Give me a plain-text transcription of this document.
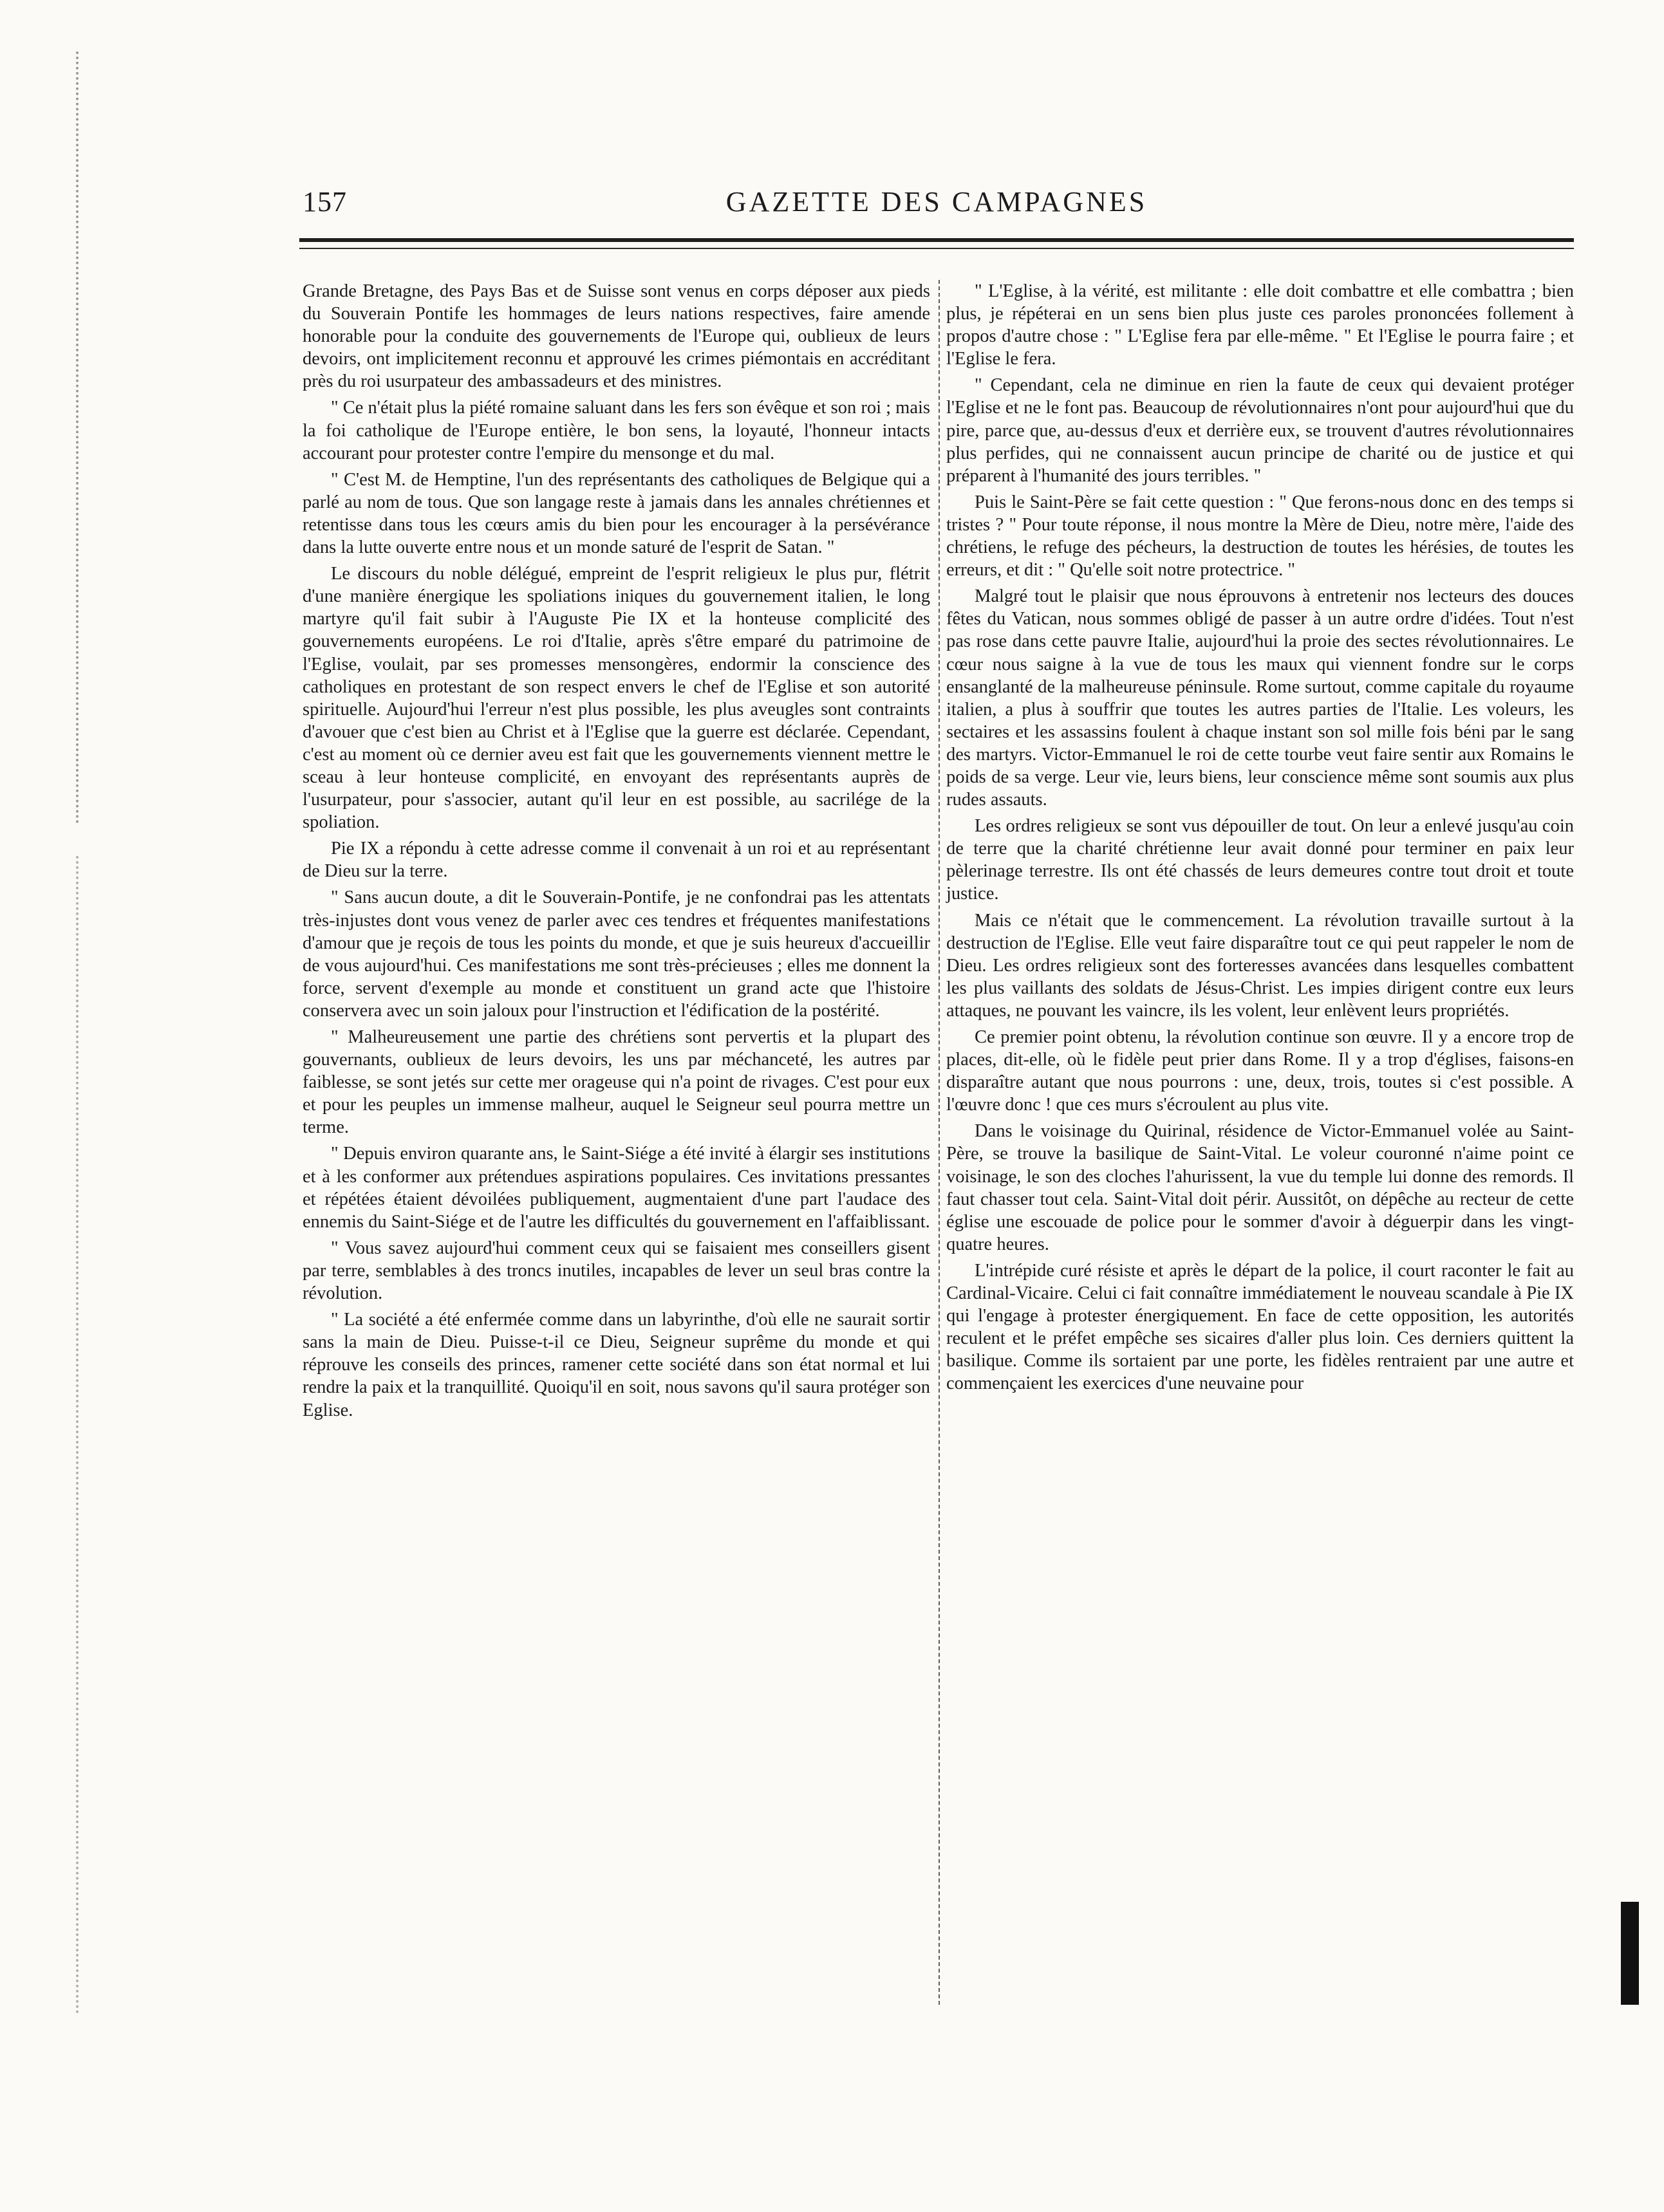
157	GAZETTE DES CAMPAGNES

Grande Bretagne, des Pays Bas et de Suisse sont venus en corps déposer aux pieds du Souverain Pontife les hommages de leurs nations respectives, faire amende honorable pour la conduite des gouvernements de l'Europe qui, oublieux de leurs devoirs, ont implicitement reconnu et approuvé les crimes piémontais en accréditant près du roi usurpateur des ambassadeurs et des ministres.

" Ce n'était plus la piété romaine saluant dans les fers son évêque et son roi ; mais la foi catholique de l'Europe entière, le bon sens, la loyauté, l'honneur intacts accourant pour protester contre l'empire du mensonge et du mal.

" C'est M. de Hemptine, l'un des représentants des catholiques de Belgique qui a parlé au nom de tous. Que son langage reste à jamais dans les annales chrétiennes et retentisse dans tous les cœurs amis du bien pour les encourager à la persévérance dans la lutte ouverte entre nous et un monde saturé de l'esprit de Satan. "

Le discours du noble délégué, empreint de l'esprit religieux le plus pur, flétrit d'une manière énergique les spoliations iniques du gouvernement italien, le long martyre qu'il fait subir à l'Auguste Pie IX et la honteuse complicité des gouvernements européens. Le roi d'Italie, après s'être emparé du patrimoine de l'Eglise, voulait, par ses promesses mensongères, endormir la conscience des catholiques en protestant de son respect envers le chef de l'Eglise et son autorité spirituelle. Aujourd'hui l'erreur n'est plus possible, les plus aveugles sont contraints d'avouer que c'est bien au Christ et à l'Eglise que la guerre est déclarée. Cependant, c'est au moment où ce dernier aveu est fait que les gouvernements viennent mettre le sceau à leur honteuse complicité, en envoyant des représentants auprès de l'usurpateur, pour s'associer, autant qu'il leur en est possible, au sacrilége de la spoliation.

Pie IX a répondu à cette adresse comme il convenait à un roi et au représentant de Dieu sur la terre.

" Sans aucun doute, a dit le Souverain-Pontife, je ne confondrai pas les attentats très-injustes dont vous venez de parler avec ces tendres et fréquentes manifestations d'amour que je reçois de tous les points du monde, et que je suis heureux d'accueillir de vous aujourd'hui. Ces manifestations me sont très-précieuses ; elles me donnent la force, servent d'exemple au monde et constituent un grand acte que l'histoire conservera avec un soin jaloux pour l'instruction et l'édification de la postérité.

" Malheureusement une partie des chrétiens sont pervertis et la plupart des gouvernants, oublieux de leurs devoirs, les uns par méchanceté, les autres par faiblesse, se sont jetés sur cette mer orageuse qui n'a point de rivages. C'est pour eux et pour les peuples un immense malheur, auquel le Seigneur seul pourra mettre un terme.

" Depuis environ quarante ans, le Saint-Siége a été invité à élargir ses institutions et à les conformer aux prétendues aspirations populaires. Ces invitations pressantes et répétées étaient dévoilées publiquement, augmentaient d'une part l'audace des ennemis du Saint-Siége et de l'autre les difficultés du gouvernement en l'affaiblissant.

" Vous savez aujourd'hui comment ceux qui se faisaient mes conseillers gisent par terre, semblables à des troncs inutiles, incapables de lever un seul bras contre la révolution.

" La société a été enfermée comme dans un labyrinthe, d'où elle ne saurait sortir sans la main de Dieu. Puisse-t-il ce Dieu, Seigneur suprême du monde et qui réprouve les conseils des princes, ramener cette société dans son état normal et lui rendre la paix et la tranquillité. Quoiqu'il en soit, nous savons qu'il saura protéger son Eglise.

" L'Eglise, à la vérité, est militante : elle doit combattre et elle combattra ; bien plus, je répéterai en un sens bien plus juste ces paroles prononcées follement à propos d'autre chose : " L'Eglise fera par elle-même. " Et l'Eglise le pourra faire ; et l'Eglise le fera.

" Cependant, cela ne diminue en rien la faute de ceux qui devaient protéger l'Eglise et ne le font pas. Beaucoup de révolutionnaires n'ont pour aujourd'hui que du pire, parce que, au-dessus d'eux et derrière eux, se trouvent d'autres révolutionnaires plus perfides, qui ne connaissent aucun principe de charité ou de justice et qui préparent à l'humanité des jours terribles. "

Puis le Saint-Père se fait cette question : " Que ferons-nous donc en des temps si tristes ? " Pour toute réponse, il nous montre la Mère de Dieu, notre mère, l'aide des chrétiens, le refuge des pécheurs, la destruction de toutes les hérésies, de toutes les erreurs, et dit : " Qu'elle soit notre protectrice. "

Malgré tout le plaisir que nous éprouvons à entretenir nos lecteurs des douces fêtes du Vatican, nous sommes obligé de passer à un autre ordre d'idées. Tout n'est pas rose dans cette pauvre Italie, aujourd'hui la proie des sectes révolutionnaires. Le cœur nous saigne à la vue de tous les maux qui viennent fondre sur le corps ensanglanté de la malheureuse péninsule. Rome surtout, comme capitale du royaume italien, a plus à souffrir que toutes les autres parties de l'Italie. Les voleurs, les sectaires et les assassins foulent à chaque instant son sol mille fois béni par le sang des martyrs. Victor-Emmanuel le roi de cette tourbe veut faire sentir aux Romains le poids de sa verge. Leur vie, leurs biens, leur conscience même sont soumis aux plus rudes assauts.

Les ordres religieux se sont vus dépouiller de tout. On leur a enlevé jusqu'au coin de terre que la charité chrétienne leur avait donné pour terminer en paix leur pèlerinage terrestre. Ils ont été chassés de leurs demeures contre tout droit et toute justice.

Mais ce n'était que le commencement. La révolution travaille surtout à la destruction de l'Eglise. Elle veut faire disparaître tout ce qui peut rappeler le nom de Dieu. Les ordres religieux sont des forteresses avancées dans lesquelles combattent les plus vaillants des soldats de Jésus-Christ. Les impies dirigent contre eux leurs attaques, ne pouvant les vaincre, ils les volent, leur enlèvent leurs propriétés.

Ce premier point obtenu, la révolution continue son œuvre. Il y a encore trop de places, dit-elle, où le fidèle peut prier dans Rome. Il y a trop d'églises, faisons-en disparaître autant que nous pourrons : une, deux, trois, toutes si c'est possible. A l'œuvre donc ! que ces murs s'écroulent au plus vite.

Dans le voisinage du Quirinal, résidence de Victor-Emmanuel volée au Saint-Père, se trouve la basilique de Saint-Vital. Le voleur couronné n'aime point ce voisinage, le son des cloches l'ahurissent, la vue du temple lui donne des remords. Il faut chasser tout cela. Saint-Vital doit périr. Aussitôt, on dépêche au recteur de cette église une escouade de police pour le sommer d'avoir à déguerpir dans les vingt-quatre heures.

L'intrépide curé résiste et après le départ de la police, il court raconter le fait au Cardinal-Vicaire. Celui ci fait connaître immédiatement le nouveau scandale à Pie IX qui l'engage à protester énergiquement. En face de cette opposition, les autorités reculent et le préfet empêche ses sicaires d'aller plus loin. Ces derniers quittent la basilique. Comme ils sortaient par une porte, les fidèles rentraient par une autre et commençaient les exercices d'une neuvaine pour
